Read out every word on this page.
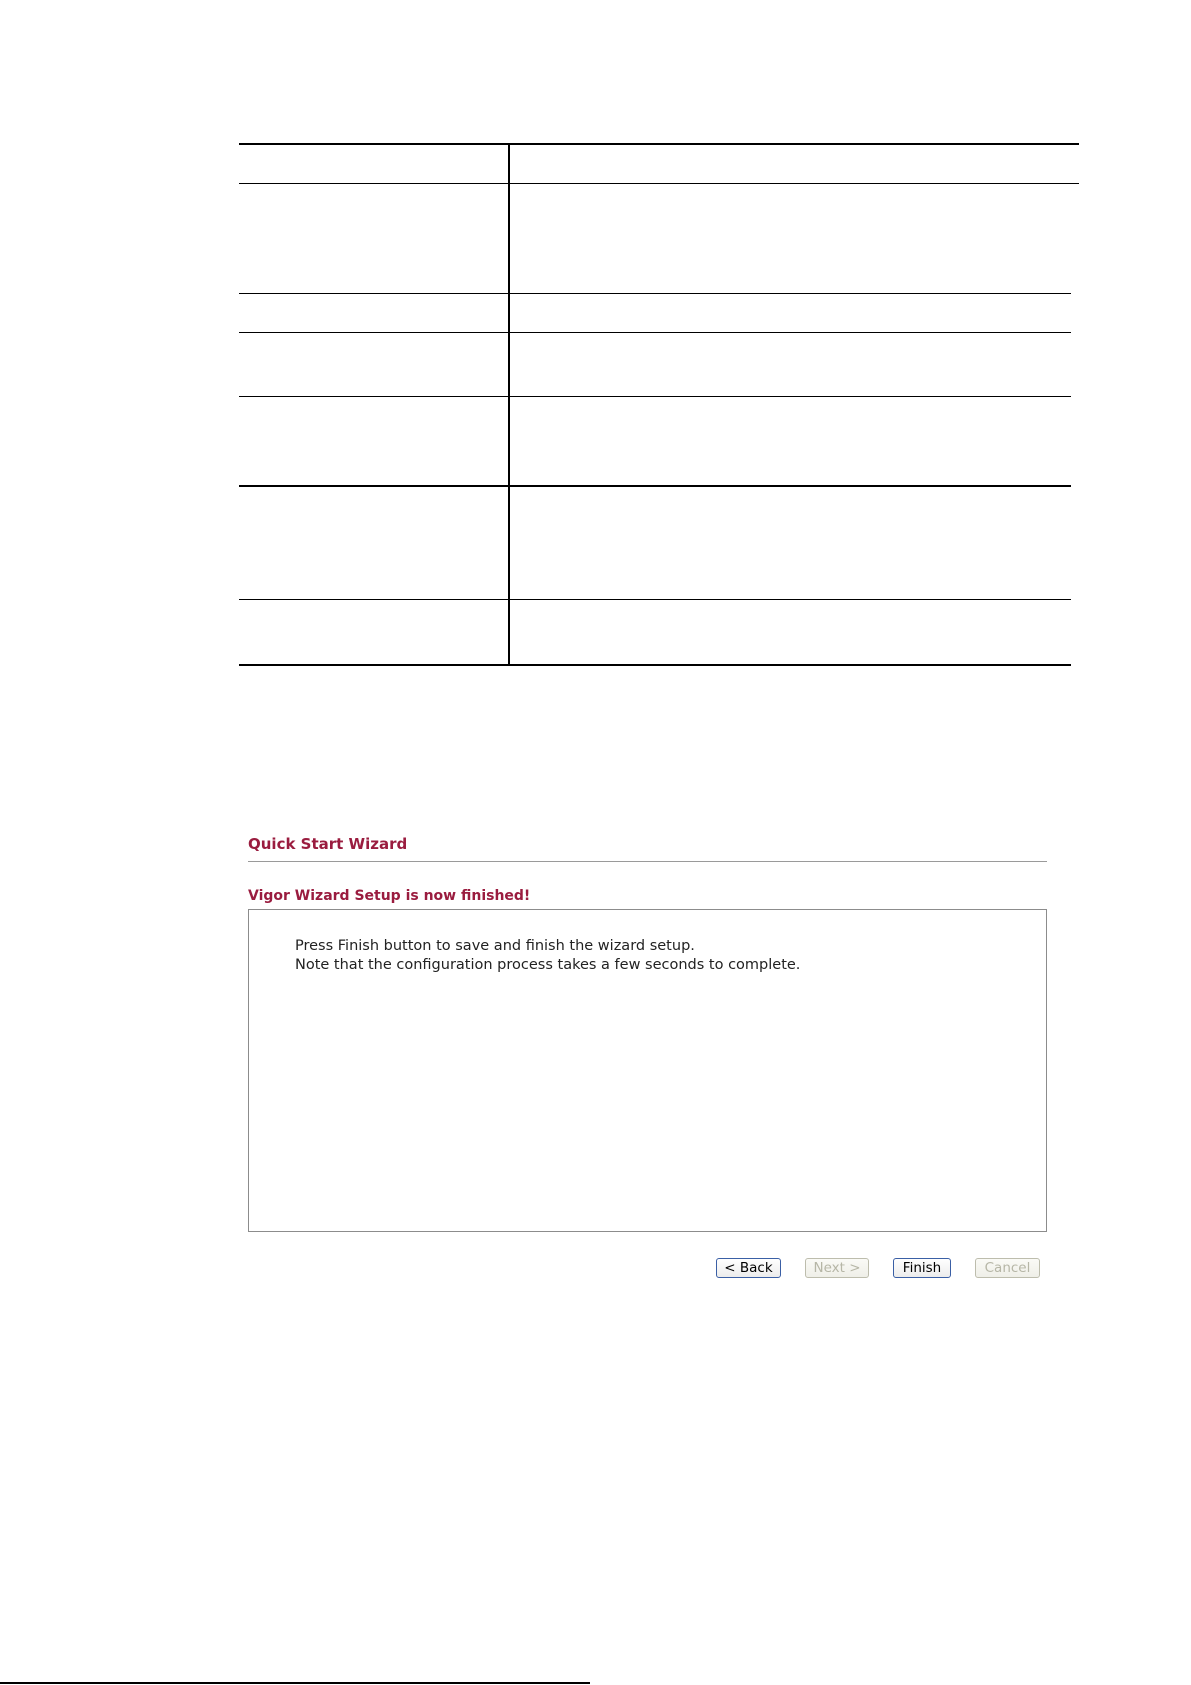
Quick Start Wizard
Vigor Wizard Setup is now finished!

Press Finish button to save and finish the wizard setup.

Note that the configuration process takes a few seconds to complete.

< Back	Next >	Finish	Cancel
